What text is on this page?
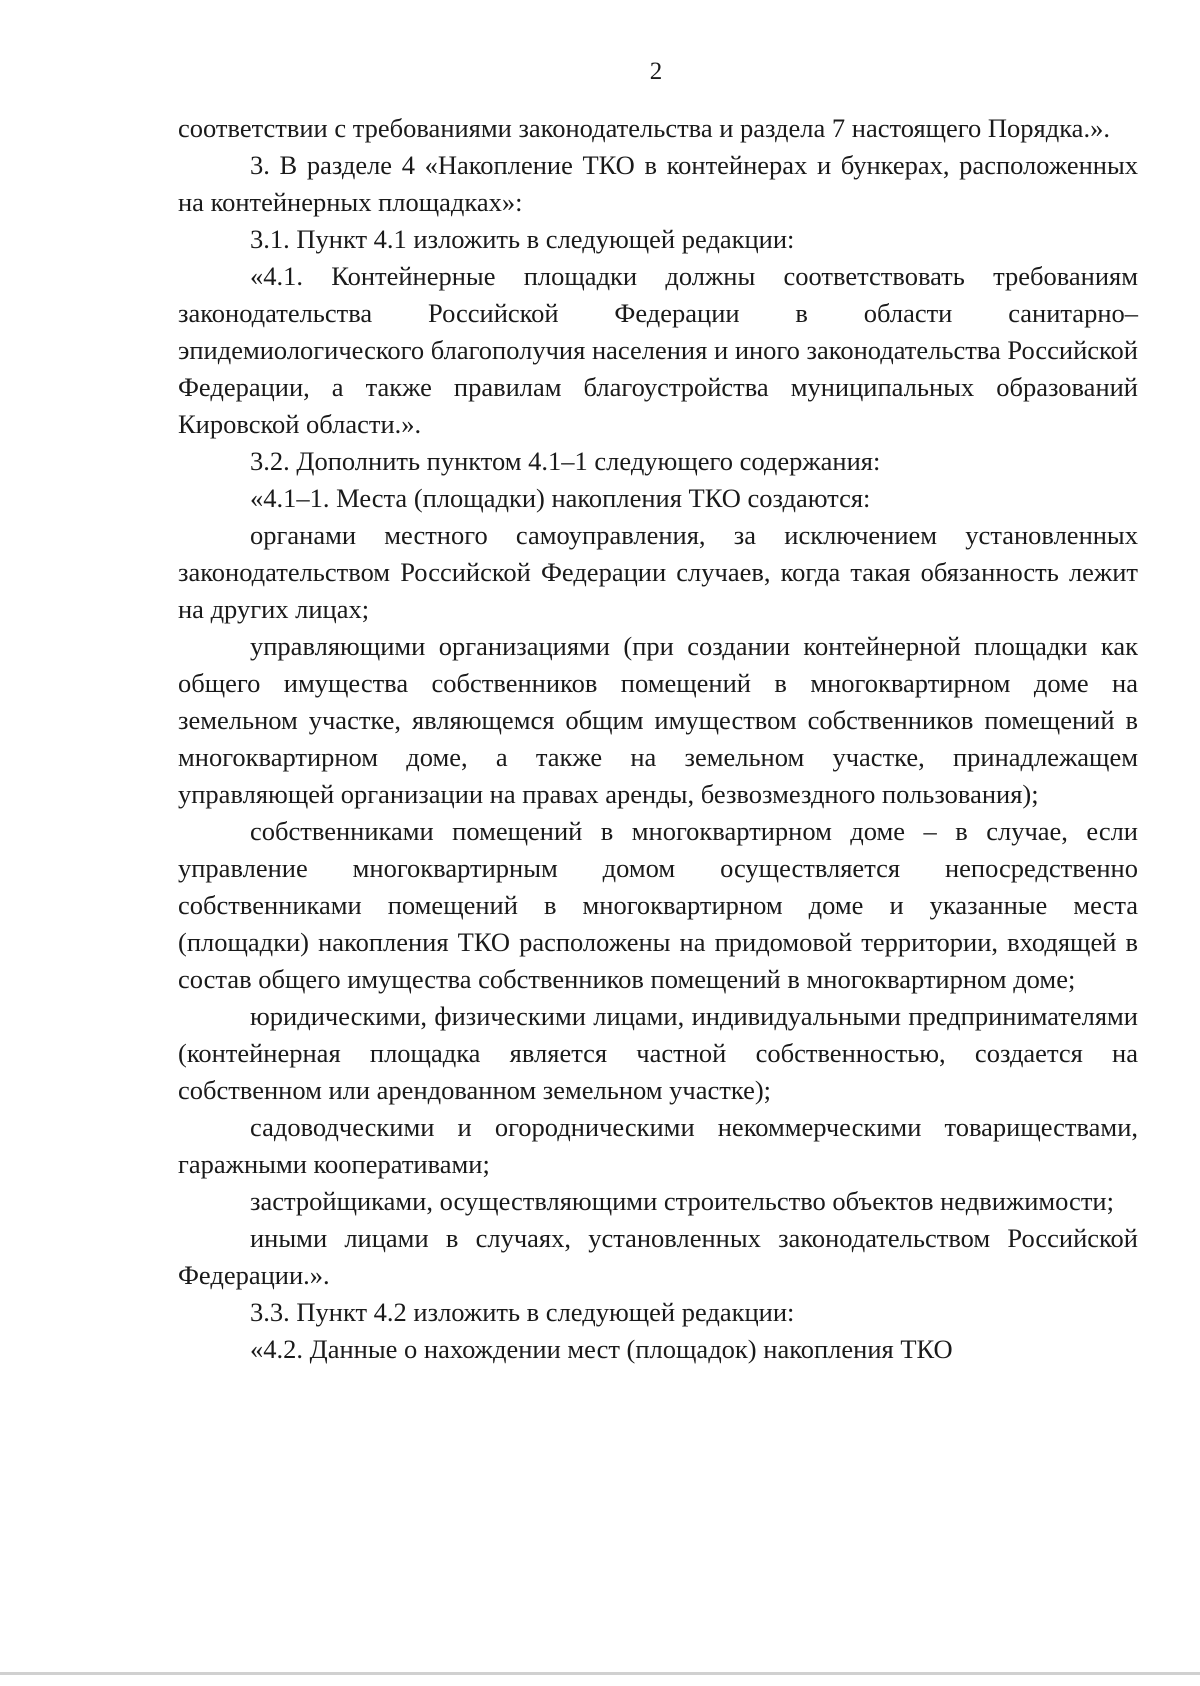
2

соответствии с требованиями законодательства и раздела 7 настоящего Порядка.».

3. В разделе 4 «Накопление ТКО в контейнерах и бункерах, расположенных на контейнерных площадках»:

3.1. Пункт 4.1 изложить в следующей редакции:

«4.1. Контейнерные площадки должны соответствовать требованиям законодательства Российской Федерации в области санитарно–эпидемиологического благополучия населения и иного законодательства Российской Федерации, а также правилам благоустройства муниципальных образований Кировской области.».

3.2. Дополнить пунктом 4.1–1 следующего содержания:

«4.1–1. Места (площадки) накопления ТКО создаются:

органами местного самоуправления, за исключением установленных законодательством Российской Федерации случаев, когда такая обязанность лежит на других лицах;

управляющими организациями (при создании контейнерной площадки как общего имущества собственников помещений в многоквартирном доме на земельном участке, являющемся общим имуществом собственников помещений в многоквартирном доме, а также на земельном участке, принадлежащем управляющей организации на правах аренды, безвозмездного пользования);

собственниками помещений в многоквартирном доме – в случае, если управление многоквартирным домом осуществляется непосредственно собственниками помещений в многоквартирном доме и указанные места (площадки) накопления ТКО расположены на придомовой территории, входящей в состав общего имущества собственников помещений в многоквартирном доме;

юридическими, физическими лицами, индивидуальными предпринимателями (контейнерная площадка является частной собственностью, создается на собственном или арендованном земельном участке);

садоводческими и огородническими некоммерческими товариществами, гаражными кооперативами;

застройщиками, осуществляющими строительство объектов недвижимости;

иными лицами в случаях, установленных законодательством Российской Федерации.».

3.3. Пункт 4.2 изложить в следующей редакции:

«4.2. Данные о нахождении мест (площадок) накопления ТКО
